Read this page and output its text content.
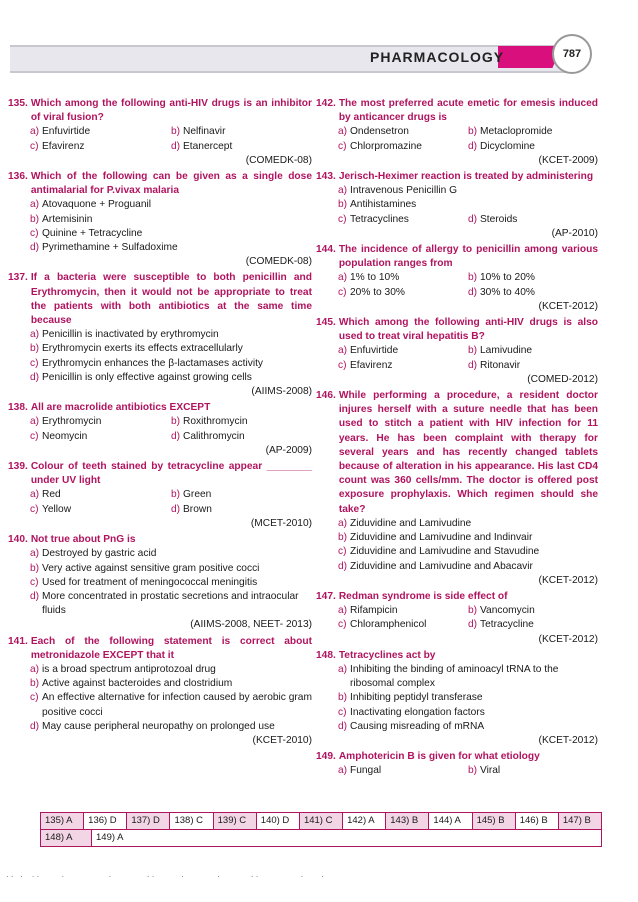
PHARMACOLOGY	787
135. Which among the following anti-HIV drugs is an inhibitor of viral fusion?
a) Enfuvirtide	b) Nelfinavir
c) Efavirenz	d) Etanercept
(COMEDK-08)
136. Which of the following can be given as a single dose antimalarial for P.vivax malaria
a) Atovaquone + Proguanil
b) Artemisinin
c) Quinine + Tetracycline
d) Pyrimethamine + Sulfadoxime
(COMEDK-08)
137. If a bacteria were susceptible to both penicillin and Erythromycin, then it would not be appropriate to treat the patients with both antibiotics at the same time because
a) Penicillin is inactivated by erythromycin
b) Erythromycin exerts its effects extracellularly
c) Erythromycin enhances the β-lactamases activity
d) Penicillin is only effective against growing cells
(AIIMS-2008)
138. All are macrolide antibiotics EXCEPT
a) Erythromycin	b) Roxithromycin
c) Neomycin	d) Calithromycin
(AP-2009)
139. Colour of teeth stained by tetracycline appear ________ under UV light
a) Red	b) Green
c) Yellow	d) Brown
(MCET-2010)
140. Not true about PnG is
a) Destroyed by gastric acid
b) Very active against sensitive gram positive cocci
c) Used for treatment of meningococcal meningitis
d) More concentrated in prostatic secretions and intraocular fluids
(AIIMS-2008, NEET- 2013)
141. Each of the following statement is correct about metronidazole EXCEPT that it
a) is a broad spectrum antiprotozoal drug
b) Active against bacteroides and clostridium
c) An effective alternative for infection caused by aerobic gram positive cocci
d) May cause peripheral neuropathy on prolonged use
(KCET-2010)
142. The most preferred acute emetic for emesis induced by anticancer drugs is
a) Ondensetron	b) Metaclopromide
c) Chlorpromazine	d) Dicyclomine
(KCET-2009)
143. Jerisch-Heximer reaction is treated by administering
a) Intravenous Penicillin G
b) Antihistamines
c) Tetracyclines	d) Steroids
(AP-2010)
144. The incidence of allergy to penicillin among various population ranges from
a) 1% to 10%	b) 10% to 20%
c) 20% to 30%	d) 30% to 40%
(KCET-2012)
145. Which among the following anti-HIV drugs is also used to treat viral hepatitis B?
a) Enfuvirtide	b) Lamivudine
c) Efavirenz	d) Ritonavir
(COMED-2012)
146. While performing a procedure, a resident doctor injures herself with a suture needle that has been used to stitch a patient with HIV infection for 11 years. He has been complaint with therapy for several years and has recently changed tablets because of alteration in his appearance. His last CD4 count was 360 cells/mm. The doctor is offered post exposure prophylaxis. Which regimen should she take?
a) Ziduvidine and Lamivudine
b) Ziduvidine and Lamivudine and Indinvair
c) Ziduvidine and Lamivudine and Stavudine
d) Ziduvidine and Lamivudine and Abacavir
(KCET-2012)
147. Redman syndrome is side effect of
a) Rifampicin	b) Vancomycin
c) Chloramphenicol	d) Tetracycline
(KCET-2012)
148. Tetracyclines act by
a) Inhibiting the binding of aminoacyl tRNA to the ribosomal complex
b) Inhibiting peptidyl transferase
c) Inactivating elongation factors
d) Causing misreading of mRNA
(KCET-2012)
149. Amphotericin B is given for what etiology
a) Fungal	b) Viral
135) A	136) D	137) D	138) C	139) C	140) D	141) C	142) A	143) B	144) A	145) B	146) B	147) B
148) A	149) A
· ·   ·    · ·          ·                    ·                · ·            ·               ·              · ·                   ·        ·
